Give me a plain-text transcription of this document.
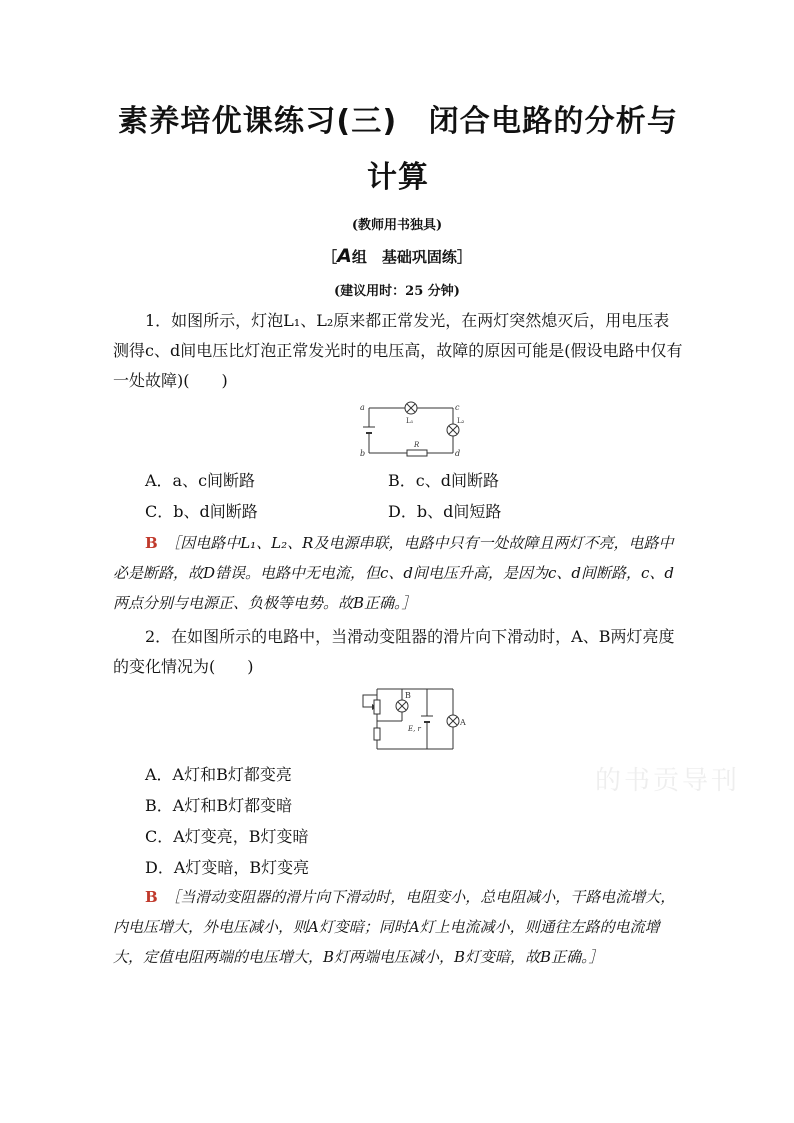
素养培优课练习(三)　闭合电路的分析与计算
(教师用书独具)
［A组　基础巩固练］
(建议用时：25 分钟)
1．如图所示，灯泡L₁、L₂原来都正常发光，在两灯突然熄灭后，用电压表测得c、d间电压比灯泡正常发光时的电压高，故障的原因可能是(假设电路中仅有一处故障)(　　)
a
b
c
d
L₁	L₂
R
A．a、c间断路	B．c、d间断路
C．b、d间断路	D．b、d间短路
B　 ［因电路中L₁、L₂、R及电源串联，电路中只有一处故障且两灯不亮，电路中必是断路，故D错误。电路中无电流，但c、d间电压升高，是因为c、d间断路，c、d两点分别与电源正、负极等电势。故B正确。］
2．在如图所示的电路中，当滑动变阻器的滑片向下滑动时，A、B两灯亮度的变化情况为(　　)
B
A
E, r
A．A灯和B灯都变亮
B．A灯和B灯都变暗
C．A灯变亮，B灯变暗
D．A灯变暗，B灯变亮
B　 ［当滑动变阻器的滑片向下滑动时，电阻变小，总电阻减小，干路电流增大，内电压增大，外电压减小，则A灯变暗；同时A灯上电流减小，则通往左路的电流增大，定值电阻两端的电压增大，B灯两端电压减小，B灯变暗，故B正确。］
的书贡导刊
